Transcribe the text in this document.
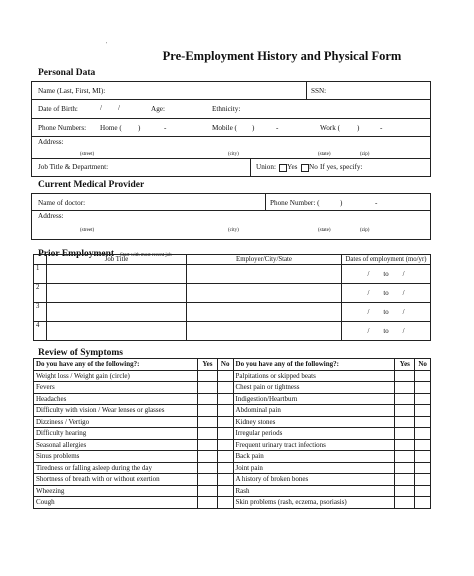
'
Pre-Employment History and Physical Form
Personal Data
Name (Last, First, MI):	SSN:
Date of Birth:	/ /	Age:	Ethnicity:
Phone Numbers: Home ( )	-	Mobile ( )	-	Work ( )	-
Address:
(street)	(city)	(state)	(zip)
Job Title & Department:	Union: Yes No If yes, specify:
Current Medical Provider
Name of doctor:	Phone Number: (	)	-
Address:
(street)	(city)	(state)	(zip)
Prior Employment Start with most recent job
	Job Title	Employer/City/State	Dates of employment (mo/yr)
1			/ to /
2			/ to /
3			/ to /
4			/ to /
Review of Symptoms
Do you have any of the following?:	Yes	No	Do you have any of the following?:	Yes	No
Weight loss / Weight gain (circle)			Palpitations or skipped beats		
Fevers			Chest pain or tightness		
Headaches			Indigestion/Heartburn		
Difficulty with vision / Wear lenses or glasses			Abdominal pain		
Dizziness / Vertigo			Kidney stones		
Difficulty hearing			Irregular periods		
Seasonal allergies			Frequent urinary tract infections		
Sinus problems			Back pain		
Tiredness or falling asleep during the day			Joint pain		
Shortness of breath with or without exertion			A history of broken bones		
Wheezing			Rash		
Cough			Skin problems (rash, eczema, psoriasis)		
